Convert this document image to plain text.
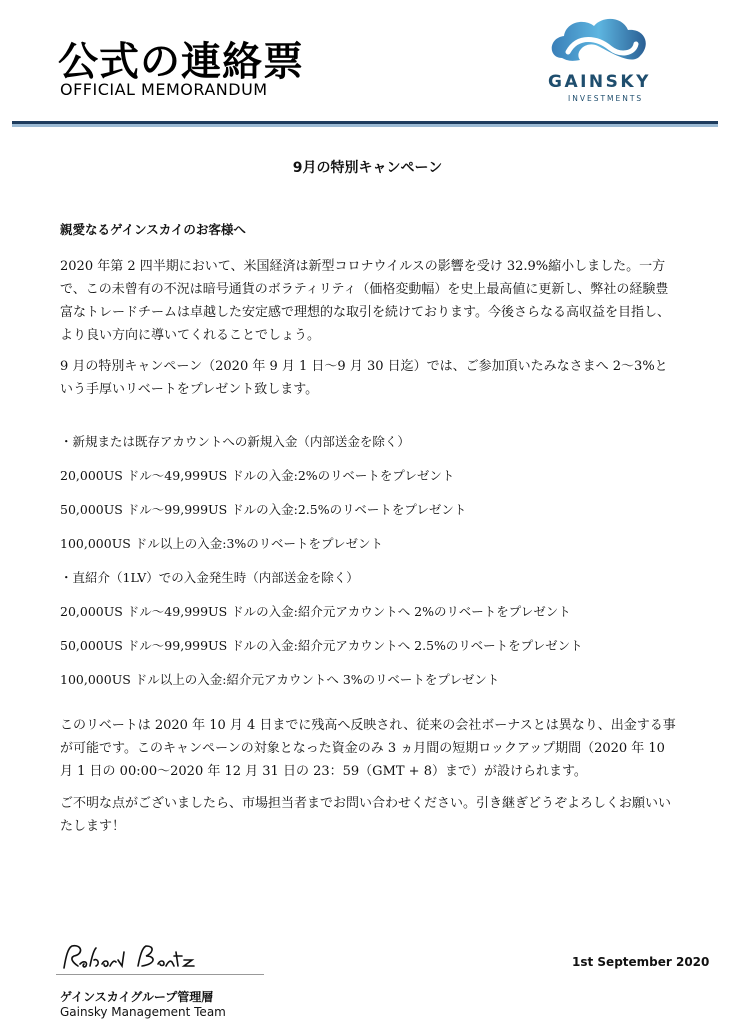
公式の連絡票
OFFICIAL MEMORANDUM	GAINSKY
INVESTMENTS
9月の特別キャンペーン
親愛なるゲインスカイのお客様へ

2020 年第 2 四半期において、米国経済は新型コロナウイルスの影響を受け 32.9%縮小しました。一方で、この未曾有の不況は暗号通貨のボラティリティ（価格変動幅）を史上最高値に更新し、弊社の経験豊富なトレードチームは卓越した安定感で理想的な取引を続けております。今後さらなる高収益を目指し、より良い方向に導いてくれることでしょう。

9 月の特別キャンペーン（2020 年 9 月 1 日〜9 月 30 日迄）では、ご参加頂いたみなさまへ 2〜3%という手厚いリベートをプレゼント致します。

・新規または既存アカウントへの新規入金（内部送金を除く）
20,000US ドル〜49,999US ドルの入金:2%のリベートをプレゼント
50,000US ドル〜99,999US ドルの入金:2.5%のリベートをプレゼント
100,000US ドル以上の入金:3%のリベートをプレゼント
・直紹介（1LV）での入金発生時（内部送金を除く）
20,000US ドル〜49,999US ドルの入金:紹介元アカウントへ 2%のリベートをプレゼント
50,000US ドル〜99,999US ドルの入金:紹介元アカウントへ 2.5%のリベートをプレゼント
100,000US ドル以上の入金:紹介元アカウントへ 3%のリベートをプレゼント

このリベートは 2020 年 10 月 4 日までに残高へ反映され、従来の会社ボーナスとは異なり、出金する事が可能です。このキャンペーンの対象となった資金のみ 3 ヵ月間の短期ロックアップ期間（2020 年 10 月 1 日の 00:00〜2020 年 12 月 31 日の 23：59（GMT + 8）まで）が設けられます。

ご不明な点がございましたら、市場担当者までお問い合わせください。引き継ぎどうぞよろしくお願いいたします！

ゲインスカイグループ管理層
Gainsky Management Team
1st September 2020
